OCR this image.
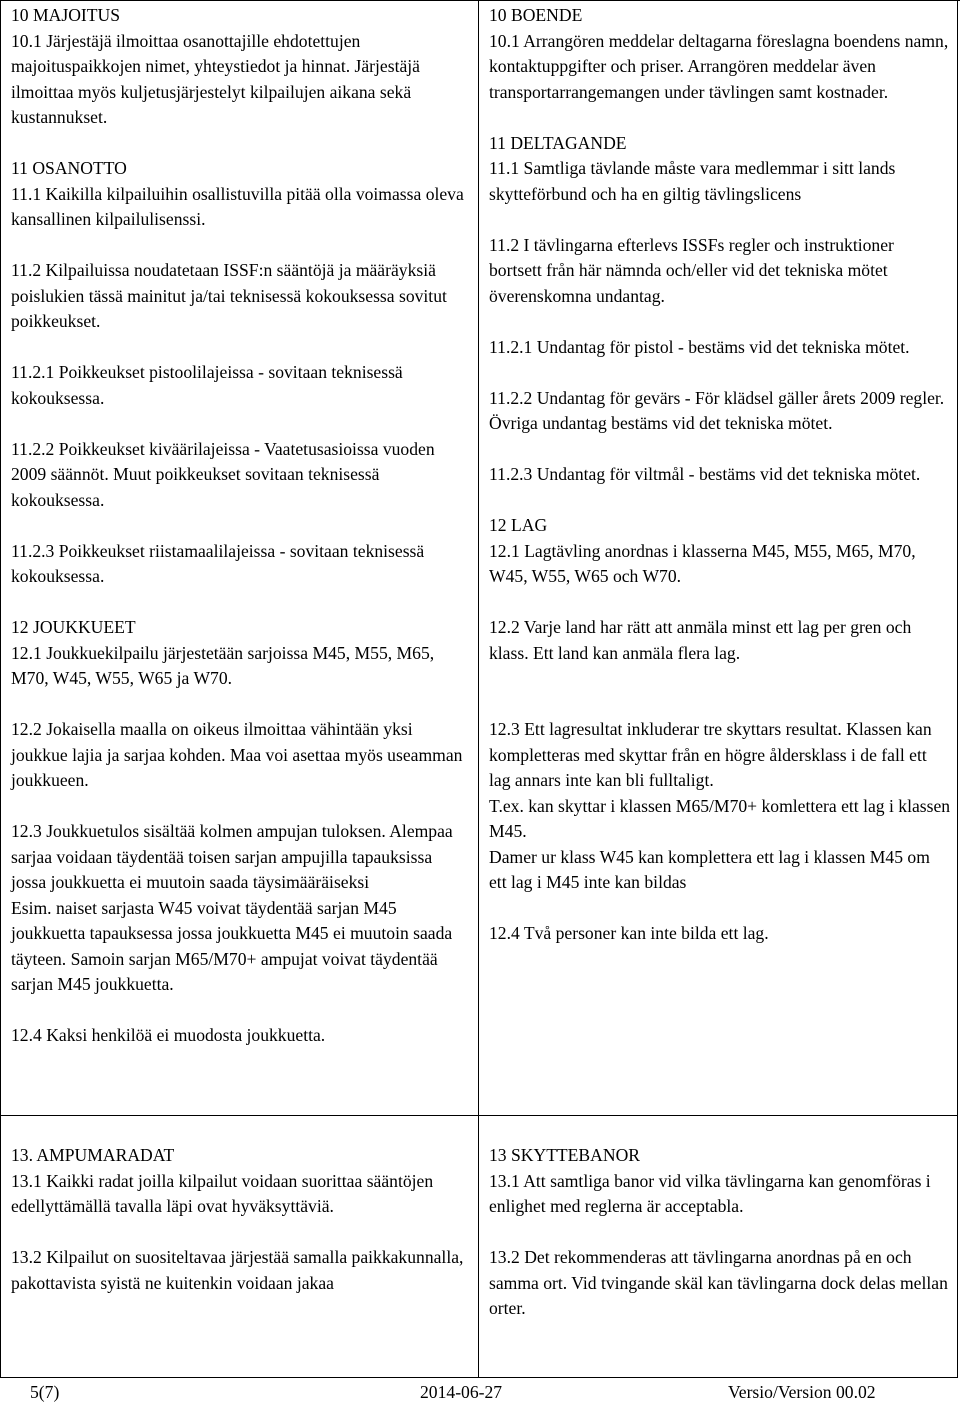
10 MAJOITUS

10.1 Järjestäjä ilmoittaa osanottajille ehdotettujen majoituspaikkojen nimet, yhteystiedot ja hinnat. Järjestäjä ilmoittaa myös kuljetusjärjestelyt kilpailujen aikana sekä kustannukset.

11 OSANOTTO

11.1 Kaikilla kilpailuihin osallistuvilla pitää olla voimassa oleva kansallinen kilpailulisenssi.

11.2 Kilpailuissa noudatetaan ISSF:n sääntöjä ja määräyksiä poislukien tässä mainitut ja/tai teknisessä kokouksessa sovitut poikkeukset.

11.2.1 Poikkeukset pistoolilajeissa - sovitaan teknisessä kokouksessa.

11.2.2 Poikkeukset kiväärilajeissa - Vaatetusasioissa vuoden 2009 säännöt. Muut poikkeukset sovitaan teknisessä kokouksessa.

11.2.3 Poikkeukset riistamaalilajeissa - sovitaan teknisessä kokouksessa.

12 JOUKKUEET

12.1 Joukkuekilpailu järjestetään sarjoissa M45, M55, M65, M70, W45, W55, W65 ja W70.

12.2 Jokaisella maalla on oikeus ilmoittaa vähintään yksi joukkue lajia ja sarjaa kohden. Maa voi asettaa myös useamman joukkueen.

12.3 Joukkuetulos sisältää kolmen ampujan tuloksen. Alempaa sarjaa voidaan täydentää toisen sarjan ampujilla tapauksissa jossa joukkuetta ei muutoin saada täysimääräiseksi

Esim. naiset sarjasta W45 voivat täydentää sarjan M45 joukkuetta tapauksessa jossa joukkuetta M45 ei muutoin saada täyteen. Samoin sarjan M65/M70+ ampujat voivat täydentää sarjan M45 joukkuetta.

12.4 Kaksi henkilöä ei muodosta joukkuetta.

10 BOENDE

10.1 Arrangören meddelar deltagarna föreslagna boendens namn, kontaktuppgifter och priser. Arrangören meddelar även transportarrangemangen under tävlingen samt kostnader.

11 DELTAGANDE

11.1 Samtliga tävlande måste vara medlemmar i sitt lands skytteförbund och ha en giltig tävlingslicens

11.2 I tävlingarna efterlevs ISSFs regler och instruktioner bortsett från här nämnda och/eller vid det tekniska mötet överenskomna undantag.

11.2.1 Undantag för pistol - bestäms vid det tekniska mötet.

11.2.2 Undantag för gevärs - För klädsel gäller årets 2009 regler. Övriga undantag bestäms vid det tekniska mötet.

11.2.3 Undantag för viltmål - bestäms vid det tekniska mötet.

12 LAG

12.1 Lagtävling anordnas i klasserna M45, M55, M65, M70, W45, W55, W65 och W70.

12.2 Varje land har rätt att anmäla minst ett lag per gren och klass. Ett land kan anmäla flera lag.

12.3 Ett lagresultat inkluderar tre skyttars resultat. Klassen kan kompletteras med skyttar från en högre åldersklass i de fall ett lag annars inte kan bli fulltaligt.

T.ex. kan skyttar i klassen M65/M70+ komlettera ett lag i klassen M45.

Damer ur klass W45 kan komplettera ett lag i klassen M45 om ett lag i M45 inte kan bildas

12.4 Två personer kan inte bilda ett lag.

13. AMPUMARADAT

13.1 Kaikki radat joilla kilpailut voidaan suorittaa sääntöjen edellyttämällä tavalla läpi ovat hyväksyttäviä.

13.2 Kilpailut on suositeltavaa järjestää samalla paikkakunnalla, pakottavista syistä ne kuitenkin voidaan jakaa

13 SKYTTEBANOR

13.1 Att samtliga banor vid vilka tävlingarna kan genomföras i enlighet med reglerna är acceptabla.

13.2 Det rekommenderas att tävlingarna anordnas på en och samma ort. Vid tvingande skäl kan tävlingarna dock delas mellan orter.

5(7)	2014-06-27	Versio/Version 00.02
